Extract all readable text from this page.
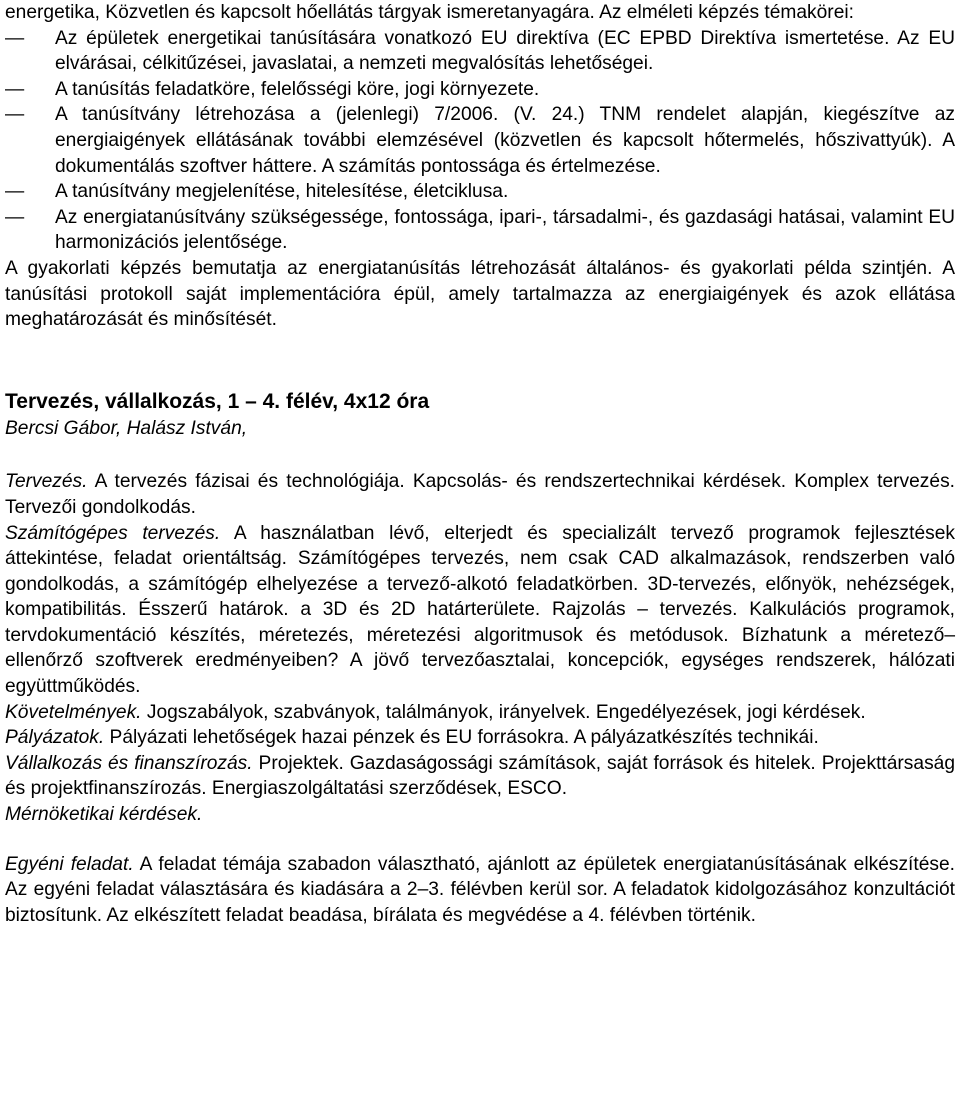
energetika, Közvetlen és kapcsolt hőellátás tárgyak ismeretanyagára. Az elméleti képzés témakörei:

—	Az épületek energetikai tanúsítására vonatkozó EU direktíva (EC EPBD Direktíva ismertetése. Az EU elvárásai, célkitűzései, javaslatai, a nemzeti megvalósítás lehetőségei.
—	A tanúsítás feladatköre, felelősségi köre, jogi környezete.
—	A tanúsítvány létrehozása a (jelenlegi) 7/2006. (V. 24.) TNM rendelet alapján, kiegészítve az energiaigények ellátásának további elemzésével (közvetlen és kapcsolt hőtermelés, hőszivattyúk). A dokumentálás szoftver háttere. A számítás pontossága és értelmezése.
—	A tanúsítvány megjelenítése, hitelesítése, életciklusa.
—	Az energiatanúsítvány szükségessége, fontossága, ipari-, társadalmi-, és gazdasági hatásai, valamint EU harmonizációs jelentősége.

A gyakorlati képzés bemutatja az energiatanúsítás létrehozását általános- és gyakorlati példa szintjén. A tanúsítási protokoll saját implementációra épül, amely tartalmazza az energiaigények és azok ellátása meghatározását és minősítését.

Tervezés, vállalkozás, 1 – 4. félév, 4x12 óra

Bercsi Gábor, Halász István,

Tervezés. A tervezés fázisai és technológiája. Kapcsolás- és rendszertechnikai kérdések. Komplex tervezés. Tervezői gondolkodás.

Számítógépes tervezés. A használatban lévő, elterjedt és specializált tervező programok fejlesztések áttekintése, feladat orientáltság. Számítógépes tervezés, nem csak CAD alkalmazások, rendszerben való gondolkodás, a számítógép elhelyezése a tervező-alkotó feladatkörben. 3D-tervezés, előnyök, nehézségek, kompatibilitás. Ésszerű határok. a 3D és 2D határterülete. Rajzolás – tervezés. Kalkulációs programok, tervdokumentáció készítés, méretezés, méretezési algoritmusok és metódusok. Bízhatunk a méretező–ellenőrző szoftverek eredményeiben? A jövő tervezőasztalai, koncepciók, egységes rendszerek, hálózati együttműködés.

Követelmények. Jogszabályok, szabványok, találmányok, irányelvek. Engedélyezések, jogi kérdések.

Pályázatok. Pályázati lehetőségek hazai pénzek és EU forrásokra. A pályázatkészítés technikái.

Vállalkozás és finanszírozás. Projektek. Gazdaságossági számítások, saját források és hitelek. Projekttársaság és projektfinanszírozás. Energiaszolgáltatási szerződések, ESCO.

Mérnöketikai kérdések.

Egyéni feladat. A feladat témája szabadon választható, ajánlott az épületek energiatanúsításának elkészítése. Az egyéni feladat választására és kiadására a 2–3. félévben kerül sor. A feladatok kidolgozásához konzultációt biztosítunk. Az elkészített feladat beadása, bírálata és megvédése a 4. félévben történik.
